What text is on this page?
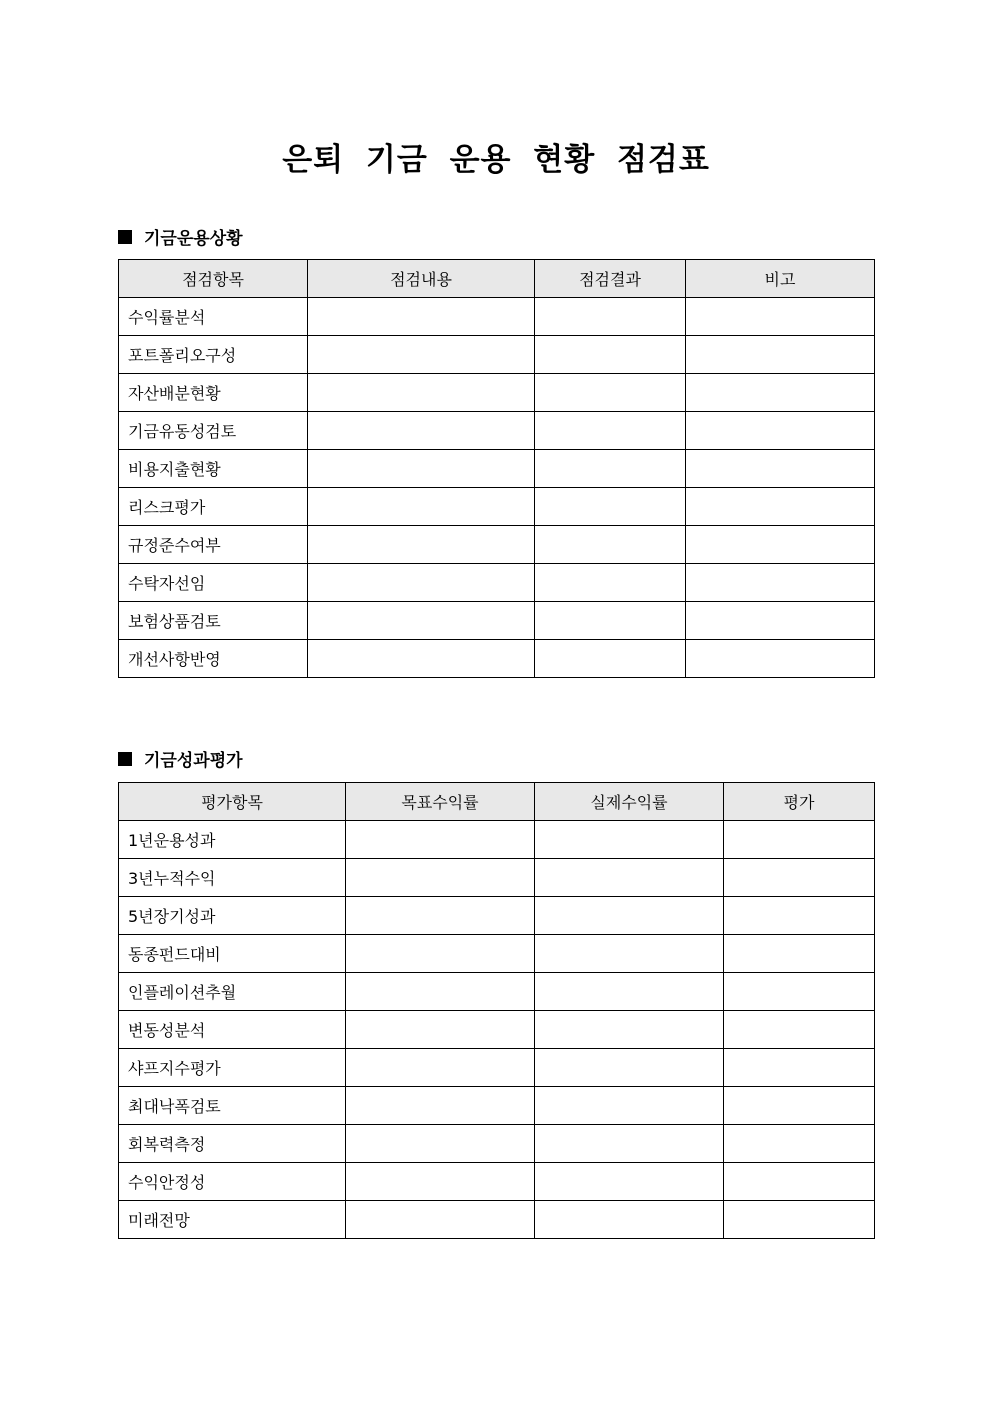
은퇴 기금 운용 현황 점검표
기금운용상황
점검항목	점검내용	점검결과	비고
수익률분석			
포트폴리오구성			
자산배분현황			
기금유동성검토			
비용지출현황			
리스크평가			
규정준수여부			
수탁자선임			
보험상품검토			
개선사항반영			
기금성과평가
평가항목	목표수익률	실제수익률	평가
1년운용성과			
3년누적수익			
5년장기성과			
동종펀드대비			
인플레이션추월			
변동성분석			
샤프지수평가			
최대낙폭검토			
회복력측정			
수익안정성			
미래전망			
